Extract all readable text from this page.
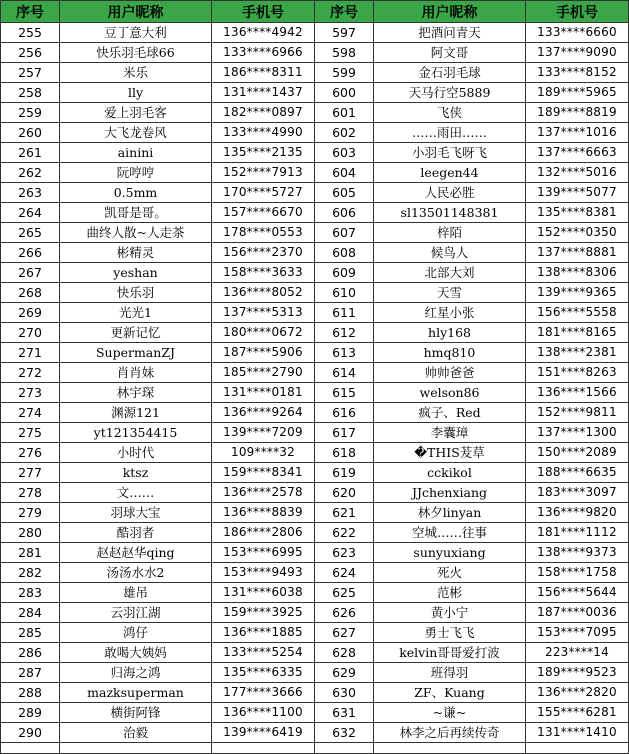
序号	用户昵称	手机号	序号	用户昵称	手机号
255	豆丁意大利	136****4942	597	把酒问青天	133****6660
256	快乐羽毛球66	133****6966	598	阿文哥	137****9090
257	米乐	186****8311	599	金石羽毛球	133****8152
258	lly	131****1437	600	天马行空5889	189****5965
259	爱上羽毛客	182****0897	601	飞侠	189****8819
260	大飞龙卷风	133****4990	602	……雨田……	137****1016
261	ainini	135****2135	603	小羽毛飞呀飞	137****6663
262	阮哼哼	152****7913	604	leegen44	132****5016
263	0.5mm	170****5727	605	人民必胜	139****5077
264	凯哥是哥。	157****6670	606	sl13501148381	135****8381
265	曲终人散~人走茶	178****0553	607	梓陌	152****0350
266	彬精灵	156****2370	608	候鸟人	137****8881
267	yeshan	158****3633	609	北部大刘	138****8306
268	快乐羽	136****8052	610	天雪	139****9365
269	光光1	137****5313	611	红星小张	156****5558
270	更新记忆	180****0672	612	hly168	181****8165
271	SupermanZJ	187****5906	613	hmq810	138****2381
272	肖肖妹	185****2790	614	帅帅爸爸	151****8263
273	林宇琛	131****0181	615	welson86	136****1566
274	渊源121	136****9264	616	疯子、Red	152****9811
275	yt121354415	139****7209	617	李囊璋	137****1300
276	小时代	109****32	618	�THIS茇草	150****2089
277	ktsz	159****8341	619	cckikol	188****6635
278	文……	136****2578	620	JJchenxiang	183****3097
279	羽球大宝	136****8839	621	林夕linyan	136****9820
280	酷羽者	186****2806	622	空城……往事	181****1112
281	赵赵赵华qing	153****6995	623	sunyuxiang	138****9373
282	汤汤水水2	153****9493	624	死火	158****1758
283	雄吊	131****6038	625	范彬	156****5644
284	云羽江湖	159****3925	626	黄小宁	187****0036
285	鸿仔	136****1885	627	勇士飞飞	153****7095
286	敢喝大姨妈	133****5254	628	kelvin哥哥爱打波	223****14
287	归海之鸿	135****6335	629	班得羽	189****9523
288	mazksuperman	177****3666	630	ZF、Kuang	136****2820
289	横街阿锋	136****1100	631	~谦~	155****6281
290	治毅	139****6419	632	林李之后再续传奇	131****1410
